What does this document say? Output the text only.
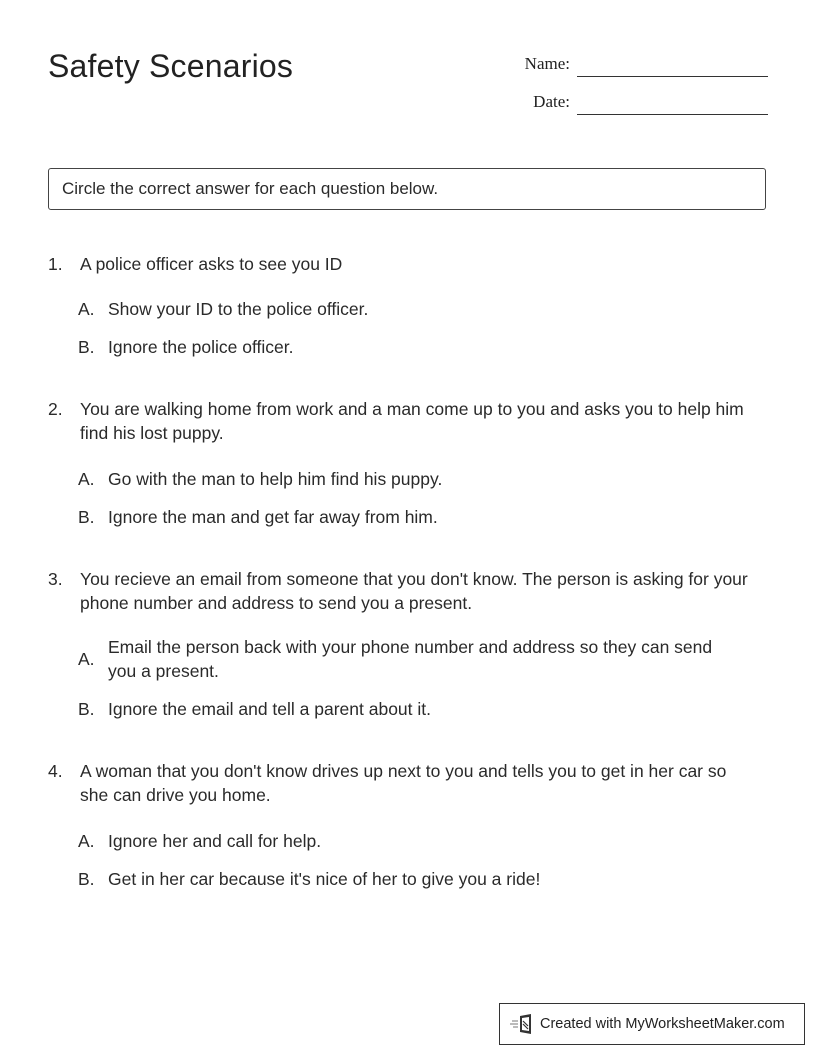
Safety Scenarios	Name:
Date:
Circle the correct answer for each question below.
1. A police officer asks to see you ID
A. Show your ID to the police officer.
B. Ignore the police officer.
2. You are walking home from work and a man come up to you and asks you to help him find his lost puppy.
A. Go with the man to help him find his puppy.
B. Ignore the man and get far away from him.
3. You recieve an email from someone that you don't know. The person is asking for your phone number and address to send you a present.
A.
Email the person back with your phone number and address so they can send you a present.
B. Ignore the email and tell a parent about it.
4. A woman that you don't know drives up next to you and tells you to get in her car so she can drive you home.
A. Ignore her and call for help.
B. Get in her car because it's nice of her to give you a ride!
Created with MyWorksheetMaker.com
